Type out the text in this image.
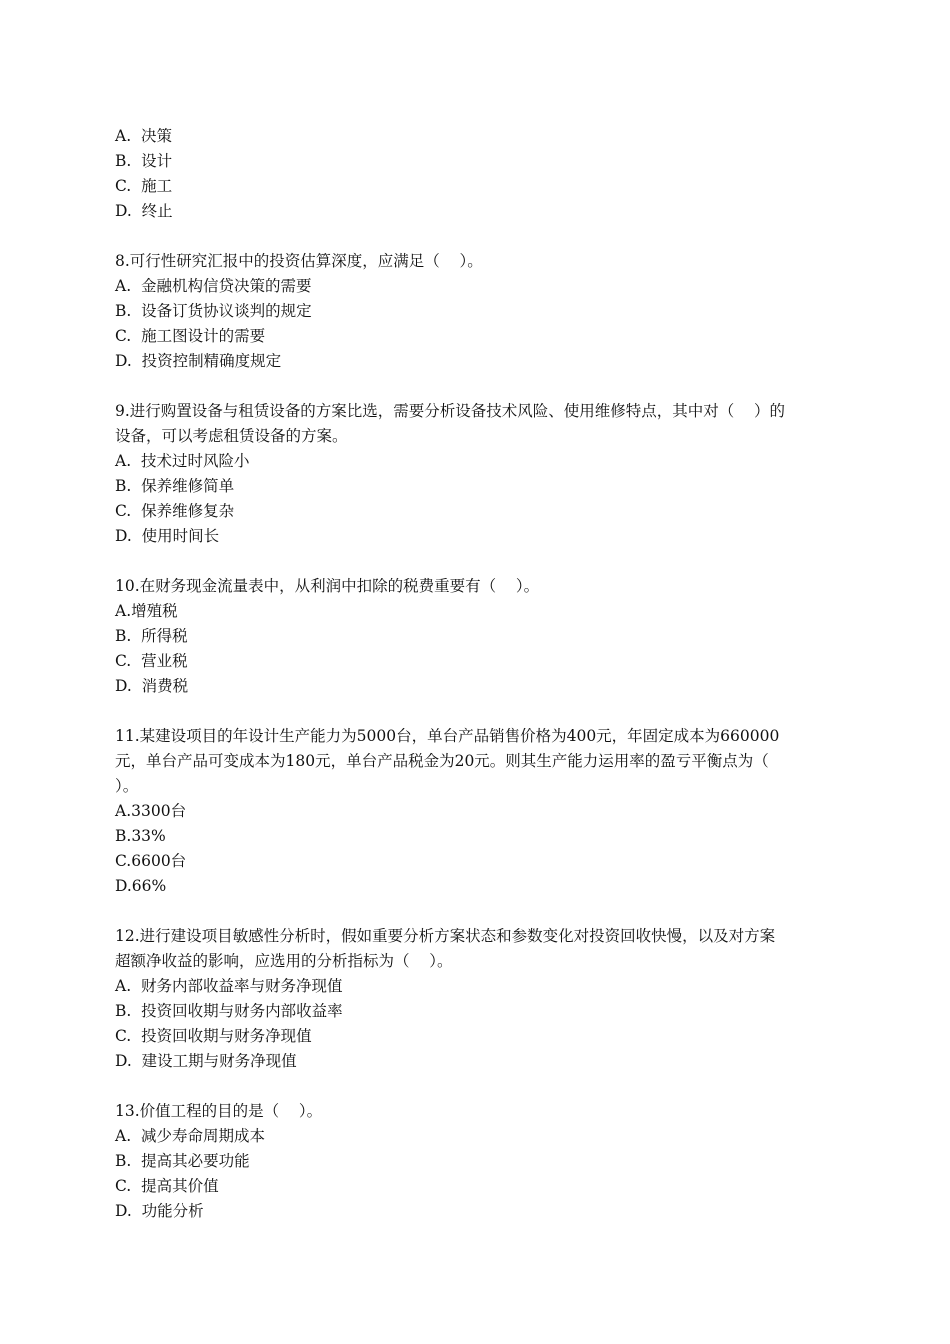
A.  决策
B.  设计
C.  施工
D.  终止
8.可行性研究汇报中的投资估算深度，应满足（    ）。
A.  金融机构信贷决策的需要
B.  设备订货协议谈判的规定
C.  施工图设计的需要
D.  投资控制精确度规定
9.进行购置设备与租赁设备的方案比选，需要分析设备技术风险、使用维修特点，其中对（    ）的
设备，可以考虑租赁设备的方案。
A.  技术过时风险小
B.  保养维修简单
C.  保养维修复杂
D.  使用时间长
10.在财务现金流量表中，从利润中扣除的税费重要有（    ）。
A.增殖税
B.  所得税
C.  营业税
D.  消费税
11.某建设项目的年设计生产能力为5000台，单台产品销售价格为400元，年固定成本为660000
元，单台产品可变成本为180元，单台产品税金为20元。则其生产能力运用率的盈亏平衡点为（
）。
A.3300台
B.33%
C.6600台
D.66%
12.进行建设项目敏感性分析时，假如重要分析方案状态和参数变化对投资回收快慢，以及对方案
超额净收益的影响，应选用的分析指标为（    ）。
A.  财务内部收益率与财务净现值
B.  投资回收期与财务内部收益率
C.  投资回收期与财务净现值
D.  建设工期与财务净现值
13.价值工程的目的是（    ）。
A.  减少寿命周期成本
B.  提高其必要功能
C.  提高其价值
D.  功能分析
